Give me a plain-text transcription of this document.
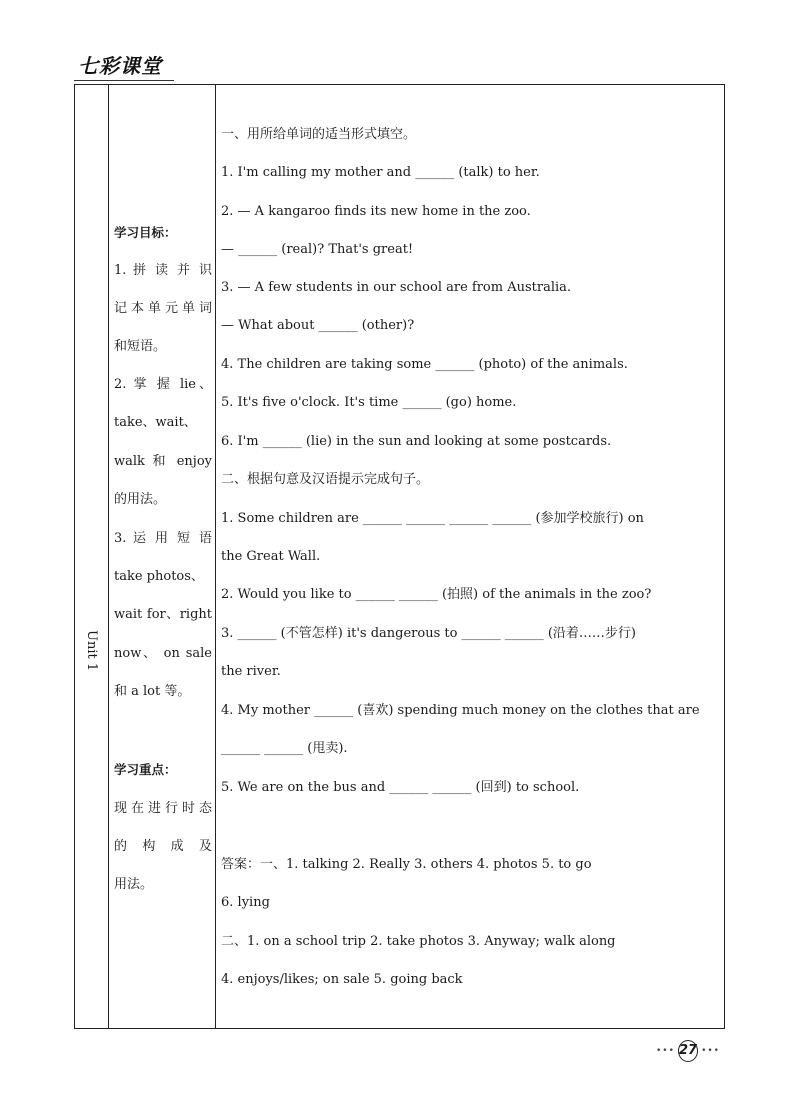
七彩课堂
Unit 1
学习目标：
1. 拼 读 并 识
记本单元单词
和短语。
2. 掌 握 lie、
take、wait、
walk 和 enjoy
的用法。
3. 运 用 短 语
take photos、
wait for、right
now、 on sale
和 a lot 等。
学习重点：
现在进行时态
的 构 成 及
用法。
一、用所给单词的适当形式填空。
1. I'm calling my mother and ______ (talk) to her.
2. — A kangaroo finds its new home in the zoo.
— ______ (real)? That's great!
3. — A few students in our school are from Australia.
— What about ______ (other)?
4. The children are taking some ______ (photo) of the animals.
5. It's five o'clock. It's time ______ (go) home.
6. I'm ______ (lie) in the sun and looking at some postcards.
二、根据句意及汉语提示完成句子。
1. Some children are ______ ______ ______ ______ (参加学校旅行) on
the Great Wall.
2. Would you like to ______ ______ (拍照) of the animals in the zoo?
3. ______ (不管怎样) it's dangerous to ______ ______ (沿着……步行)
the river.
4. My mother ______ (喜欢) spending much money on the clothes that are
______ ______ (甩卖).
5. We are on the bus and ______ ______ (回到) to school.
答案：一、1. talking 2. Really 3. others 4. photos 5. to go
6. lying
二、1. on a school trip 2. take photos 3. Anyway; walk along
4. enjoys/likes; on sale 5. going back
••• 27 •••
